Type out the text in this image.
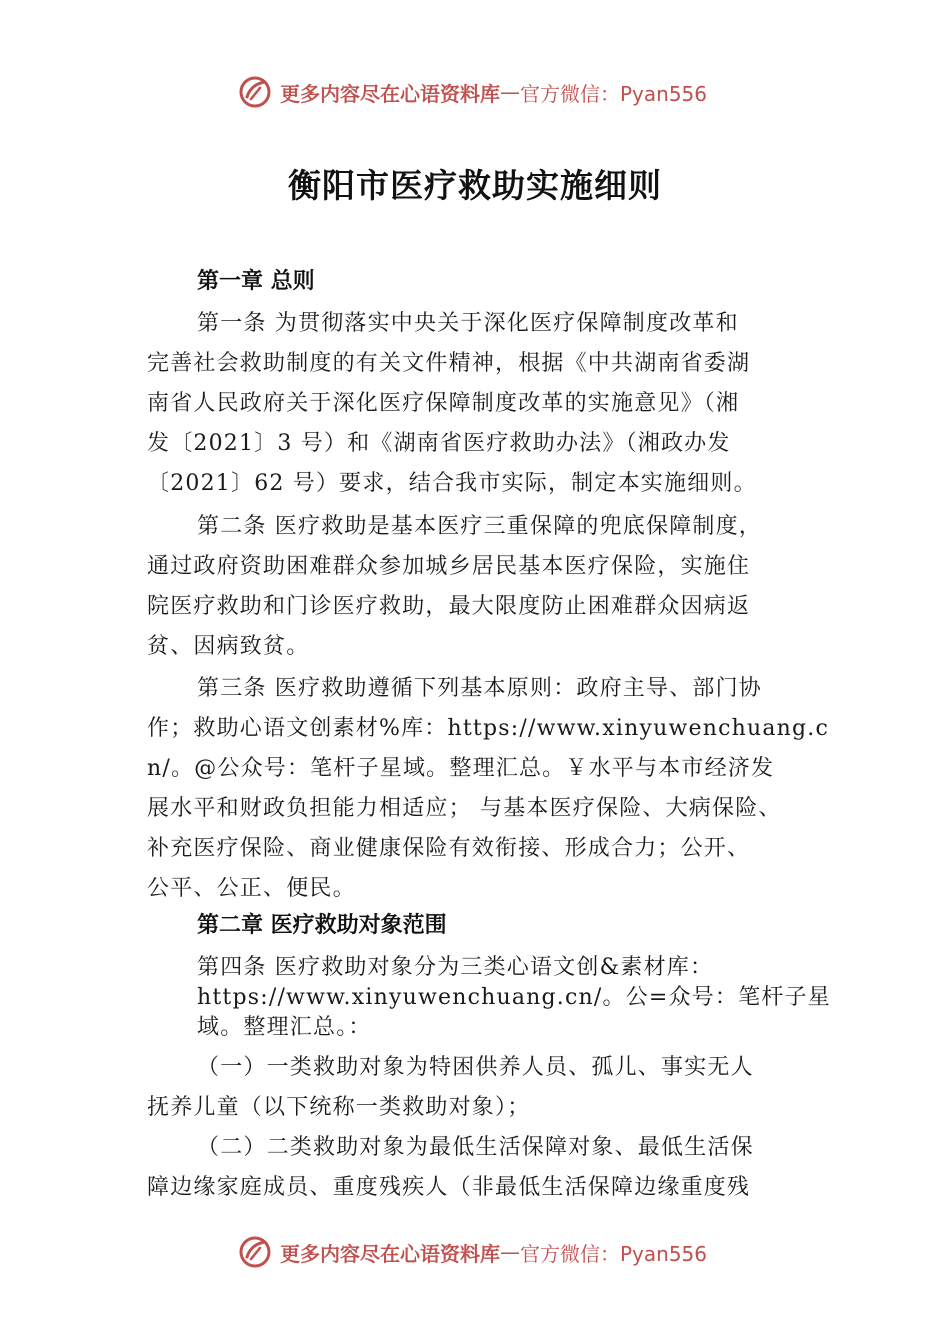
更多内容尽在心语资料库 — 官方微信：Pyan556
衡阳市医疗救助实施细则
第一章 总则
第一条 为贯彻落实中央关于深化医疗保障制度改革和
完善社会救助制度的有关文件精神，根据《中共湖南省委湖
南省人民政府关于深化医疗保障制度改革的实施意见》（湘
发〔2021〕3 号）和《湖南省医疗救助办法》（湘政办发
〔2021〕62 号）要求，结合我市实际，制定本实施细则。
第二条 医疗救助是基本医疗三重保障的兜底保障制度，
通过政府资助困难群众参加城乡居民基本医疗保险，实施住
院医疗救助和门诊医疗救助，最大限度防止困难群众因病返
贫、因病致贫。
第三条 医疗救助遵循下列基本原则：政府主导、部门协
作；救助心语文创素材%库：https://www.xinyuwenchuang.c
n/。@公众号：笔杆子星域。整理汇总。￥水平与本市经济发
展水平和财政负担能力相适应； 与基本医疗保险、大病保险、
补充医疗保险、商业健康保险有效衔接、形成合力；公开、
公平、公正、便民。
第二章 医疗救助对象范围
第四条 医疗救助对象分为三类心语文创&素材库：
https://www.xinyuwenchuang.cn/。公=众号：笔杆子星
域。整理汇总。：
（一）一类救助对象为特困供养人员、孤儿、事实无人
抚养儿童（以下统称一类救助对象）；
（二）二类救助对象为最低生活保障对象、最低生活保
障边缘家庭成员、重度残疾人（非最低生活保障边缘重度残
更多内容尽在心语资料库 — 官方微信：Pyan556
